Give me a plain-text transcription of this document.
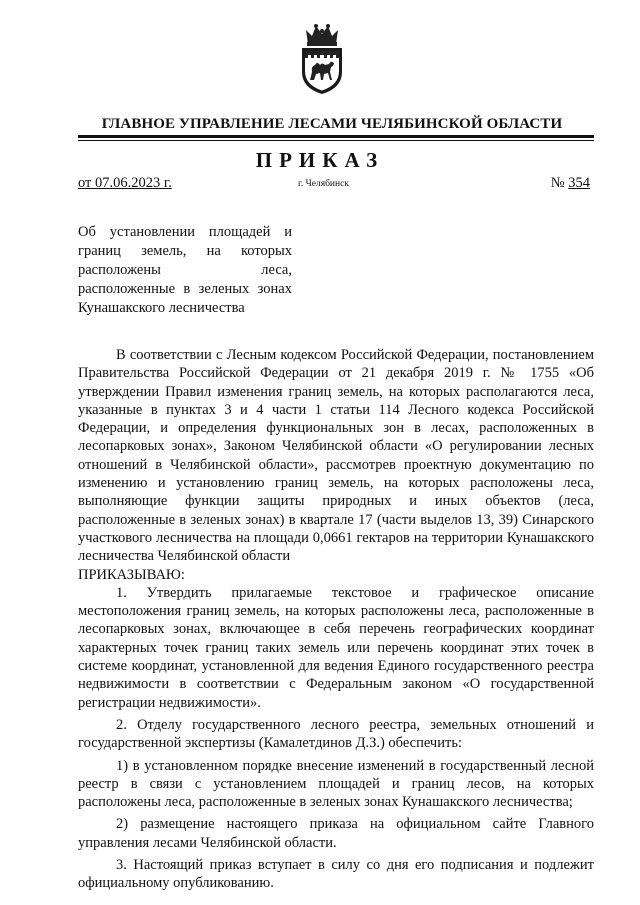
ГЛАВНОЕ УПРАВЛЕНИЕ ЛЕСАМИ ЧЕЛЯБИНСКОЙ ОБЛАСТИ
ПРИКАЗ
от 07.06.2023 г.	г. Челябинск	№ 354
Об установлении площадей и границ земель, на которых расположены леса, расположенные в зеленых зонах Кунашакского лесничества

В соответствии с Лесным кодексом Российской Федерации, постановлением Правительства Российской Федерации от 21 декабря 2019 г. № 1755 «Об утверждении Правил изменения границ земель, на которых располагаются леса, указанные в пунктах 3 и 4 части 1 статьи 114 Лесного кодекса Российской Федерации, и определения функциональных зон в лесах, расположенных в лесопарковых зонах», Законом Челябинской области «О регулировании лесных отношений в Челябинской области», рассмотрев проектную документацию по изменению и установлению границ земель, на которых расположены леса, выполняющие функции защиты природных и иных объектов (леса, расположенные в зеленых зонах) в квартале 17 (части выделов 13, 39) Синарского участкового лесничества на площади 0,0661 гектаров на территории Кунашакского лесничества Челябинской области

ПРИКАЗЫВАЮ:

1. Утвердить прилагаемые текстовое и графическое описание местоположения границ земель, на которых расположены леса, расположенные в лесопарковых зонах, включающее в себя перечень географических координат характерных точек границ таких земель или перечень координат этих точек в системе координат, установленной для ведения Единого государственного реестра недвижимости в соответствии с Федеральным законом «О государственной регистрации недвижимости».

2. Отделу государственного лесного реестра, земельных отношений и государственной экспертизы (Камалетдинов Д.З.) обеспечить:

1) в установленном порядке внесение изменений в государственный лесной реестр в связи с установлением площадей и границ лесов, на которых расположены леса, расположенные в зеленых зонах Кунашакского лесничества;

2) размещение настоящего приказа на официальном сайте Главного управления лесами Челябинской области.

3. Настоящий приказ вступает в силу со дня его подписания и подлежит официальному опубликованию.
